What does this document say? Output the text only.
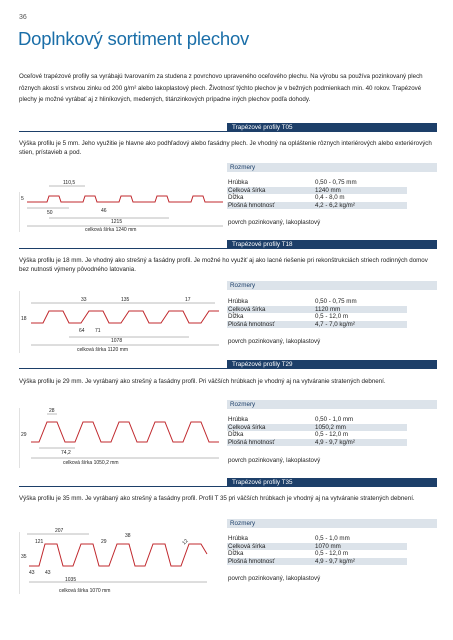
36
Doplnkový sortiment plechov
Oceľové trapézové profily sa vyrábajú tvarovaním za studena z povrchovo upraveného oceľového plechu. Na výrobu sa používa pozinkovaný plech rôznych akostí s vrstvou zinku od 200 g/m² alebo lakoplastový plech. Životnosť týchto plechov je v bežných podmienkach min. 40 rokov. Trapézové plechy je možné vyrábať aj z hliníkových, medených, titánzinkových prípadne iných plechov podľa dohody.
Trapézové profily T05
Výška profilu je 5 mm. Jeho využitie je hlavne ako podhľadový alebo fasádny plech. Je vhodný na opláštenie rôznych interiérových alebo exteriérových stien, prístavieb a pod.
Rozmery
Hrúbka	0,50 - 0,75 mm
Celková šírka	1240 mm
Dĺžka	0,4 - 8,0 m
Plošná hmotnosť	4,2 - 6,2 kg/m²
povrch pozinkovaný, lakoplastový
110,5
5
50	46
1215
celková šírka 1240 mm
Trapézové profily T18
Výška profilu je 18 mm. Je vhodný ako strešný a fasádny profil. Je možné ho využiť aj ako lacné riešenie pri rekonštrukciách striech rodinných domov bez nutnosti výmeny pôvodného latovania.
Rozmery
Hrúbka	0,50 - 0,75 mm
Celková šírka	1120 mm
Dĺžka	0,5 - 12,0 m
Plošná hmotnosť	4,7 - 7,0 kg/m²
povrch pozinkovaný, lakoplastový
33	135	17
18
64 71
1078
celková šírka 1120 mm
Trapézové profily T29
Výška profilu je 29 mm. Je vyrábaný ako strešný a fasádny profil. Pri väčších hrúbkach je vhodný aj na vytváranie stratených debnení.
Rozmery
Hrúbka	0,50 - 1,0 mm
Celková šírka	1050,2 mm
Dĺžka	0,5 - 12,0 m
Plošná hmotnosť	4,9 - 9,7 kg/m²
povrch pozinkovaný, lakoplastový
28
29
74,2
celková šírka 1050,2 mm
Trapézové profily T35
Výška profilu je 35 mm. Je vyrábaný ako strešný a fasádny profil. Profil T 35 pri väčších hrúbkach je vhodný aj na vytváranie stratených debnení.
Rozmery
Hrúbka	0,5 - 1,0 mm
Celková šírka	1070 mm
Dĺžka	0,5 - 12,0 m
Plošná hmotnosť	4,9 - 9,7 kg/m²
povrch pozinkovaný, lakoplastový
207
121	29
38
12
35
43 43
1035
celková šírka 1070 mm
